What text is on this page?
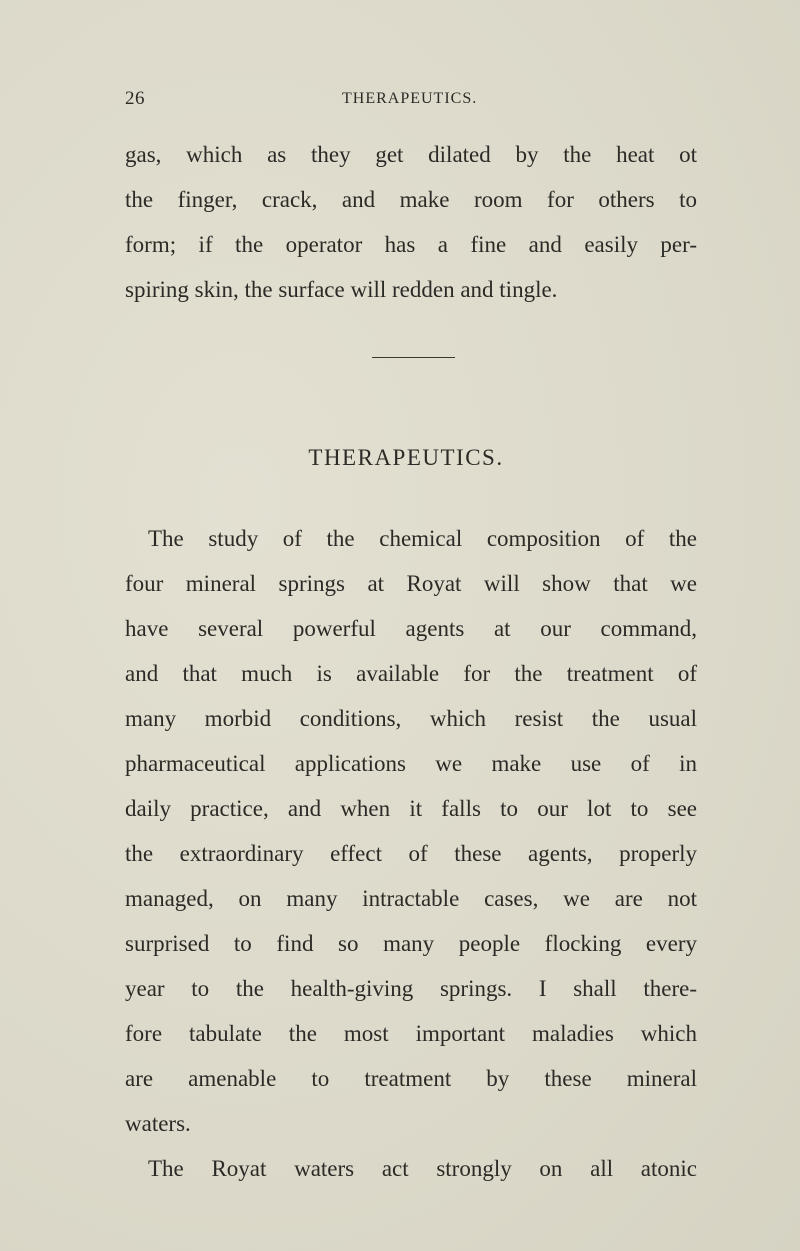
26	THERAPEUTICS.
gas, which as they get dilated by the heat ot
the finger, crack, and make room for others to
form; if the operator has a fine and easily per-
spiring skin, the surface will redden and tingle.
THERAPEUTICS.
The study of the chemical composition of the
four mineral springs at Royat will show that we
have several powerful agents at our command,
and that much is available for the treatment of
many morbid conditions, which resist the usual
pharmaceutical applications we make use of in
daily practice, and when it falls to our lot to see
the extraordinary effect of these agents, properly
managed, on many intractable cases, we are not
surprised to find so many people flocking every
year to the health-giving springs. I shall there-
fore tabulate the most important maladies which
are amenable to treatment by these mineral
waters.
The Royat waters act strongly on all atonic
